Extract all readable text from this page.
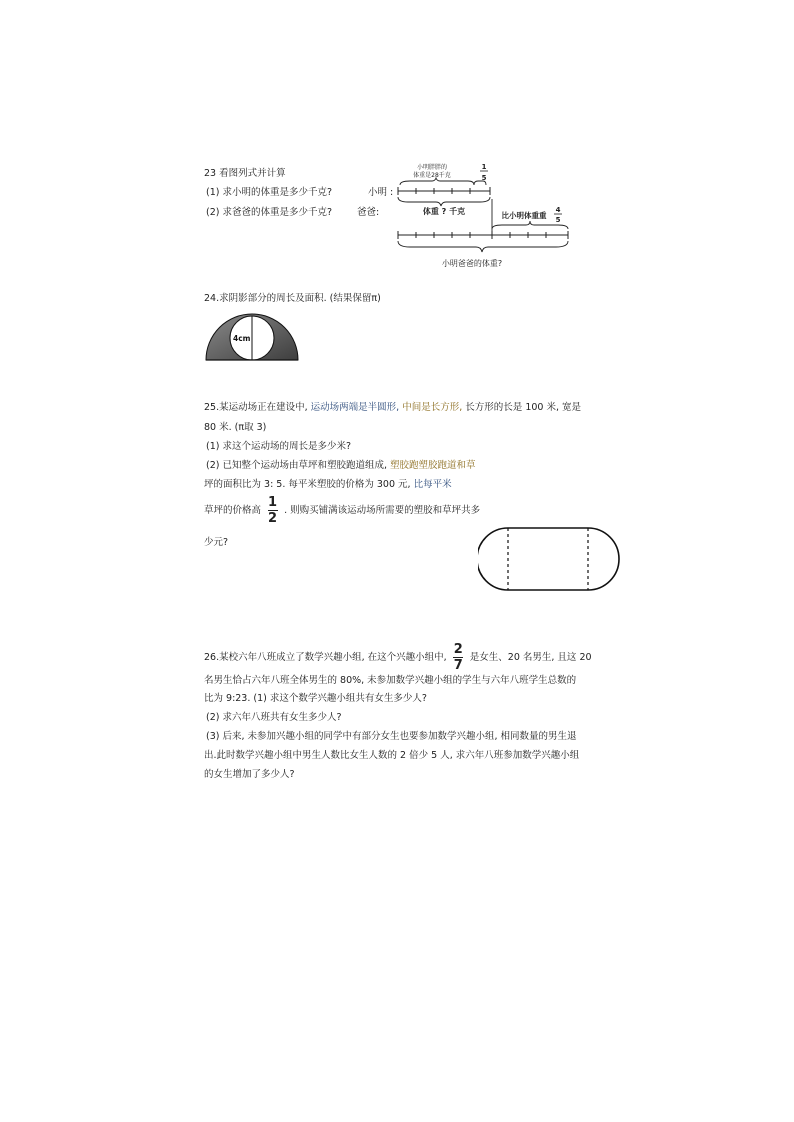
23 看图列式并计算
(1) 求小明的体重是多少千克?
(2) 求爸爸的体重是多少千克?
小明 :
爸爸:
小明胖胖的
体重是28千克
1
5
体重 ? 千克	比小明体重重
4
5
小明爸爸的体重?
24.求阴影部分的周长及面积. (结果保留π)
4cm
25.某运动场正在建设中, 运动场两端是半圆形, 中间是长方形, 长方形的长是 100 米, 宽是
80 米. (π取 3)
(1) 求这个运动场的周长是多少米?
(2) 已知整个运动场由草坪和塑胶跑道组成, 塑胶跑塑胶跑道和草
坪的面积比为 3: 5. 每平米塑胶的价格为 300 元, 比每平米
草坪的价格高 $\frac{1}{2}$ . 则购买铺满该运动场所需要的塑胶和草坪共多
少元?
26.某校六年八班成立了数学兴趣小组, 在这个兴趣小组中, $\frac{2}{7}$ 是女生、20 名男生, 且这 20
名男生恰占六年八班全体男生的 80%, 未参加数学兴趣小组的学生与六年八班学生总数的
比为 9:23. (1) 求这个数学兴趣小组共有女生多少人?
(2) 求六年八班共有女生多少人?
(3) 后来, 未参加兴趣小组的同学中有部分女生也要参加数学兴趣小组, 相同数量的男生退
出.此时数学兴趣小组中男生人数比女生人数的 2 倍少 5 人, 求六年八班参加数学兴趣小组
的女生增加了多少人?
